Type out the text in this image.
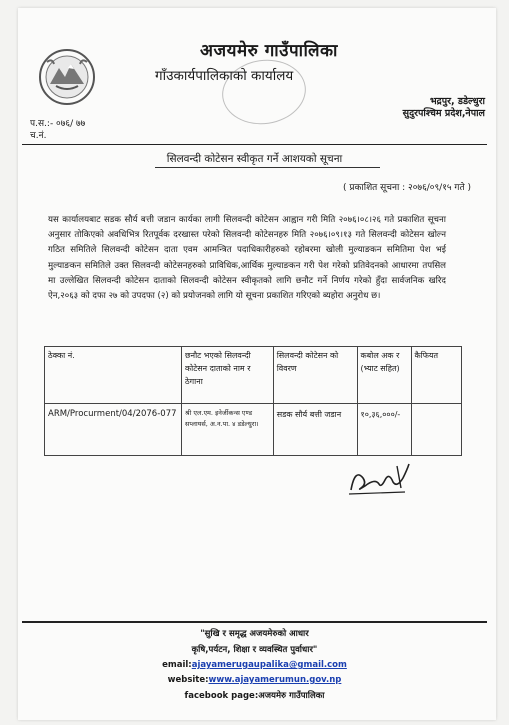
अजयमेरु गाउँपालिका
गाँउकार्यपालिकाको कार्यालय

भद्रपुर, डडेल्धुरा
सुदुरपश्चिम प्रदेश,नेपाल
प.स.:- ०७६/ ७७
च.नं.
सिलवन्दी कोटेसन स्वीकृत गर्ने आशयको सूचना
( प्रकाशित सूचना : २०७६/०९/१५ गते )
यस कार्यालयबाट सडक सौर्य बत्ती जडान कार्यका लागी सिलवन्दी कोटेसन आह्वान गरी मिति २०७६।०८।२६ गते प्रकाशित सूचना अनुसार तोकिएको अवधिभित्र रितपूर्वक दरखास्त परेको सिलवन्दी कोटेसनहरु मिति २०७६।०९।१३ गते सिलवन्दी कोटेसन खोल्न गठित समितिले सिलवन्दी कोटेसन दाता एवम आमन्त्रित पदाधिकारीहरुको रहोबरमा खोली मुल्याङकन समितिमा पेश भई मुल्याङकन समितिले उक्त सिलवन्दी कोटेसनहरुको प्राविधिक,आर्थिक मुल्याङकन गरी पेश गरेको प्रतिवेदनको आधारमा तपसिल मा उल्लेखित सिलवन्दी कोटेसन दाताको सिलवन्दी कोटेसन स्वीकृतको लागि छनौट गर्ने निर्णय गरेको हुँदा सार्वजनिक खरिद ऐन,२०६३ को दफा २७ को उपदफा (२) को प्रयोजनको लागि यो सूचना प्रकाशित गरिएको ब्यहोरा अनुरोध छ।
ठेक्का नं.	छनौट भएको सिलवन्दी कोटेसन दाताको नाम र ठेगाना	सिलवन्दी कोटेसन को विवरण	कबोल अक र (भ्याट सहित)	कैफियत
ARM/Procurment/04/2076-077	श्री एल.एम. इनेर्जीकन्स एण्ड सप्लायर्स, अ.न.पा. ४ डडेल्धुरा।	सडक सौर्य बत्ती जडान	१०,३६,०००/-	

"सुखि र समृद्ध अजयमेरुको आधार
कृषि,पर्यटन, शिक्षा र व्यवस्थित पुर्वाधार"
email:ajayamerugaupalika@gmail.com
website:www.ajayamerumun.gov.np
facebook page:अजयमेरु गाउँपालिका
